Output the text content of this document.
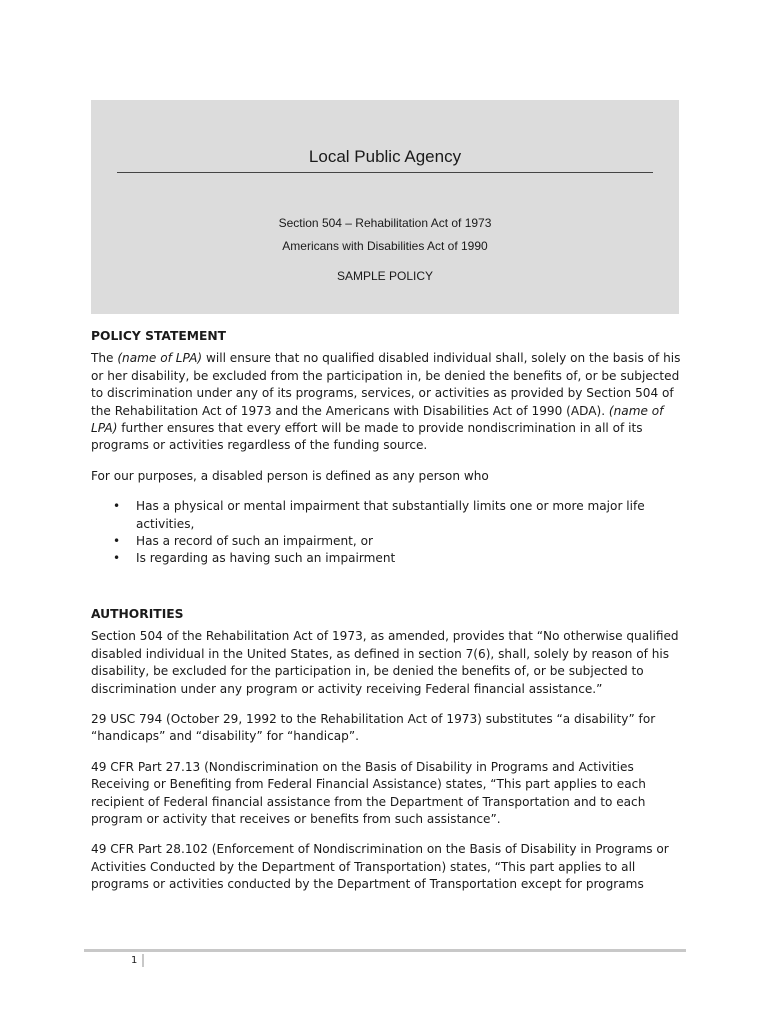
Local Public Agency
Section 504 – Rehabilitation Act of 1973
Americans with Disabilities Act of 1990
SAMPLE POLICY
POLICY STATEMENT

The (name of LPA) will ensure that no qualified disabled individual shall, solely on the basis of his or her disability, be excluded from the participation in, be denied the benefits of, or be subjected to discrimination under any of its programs, services, or activities as provided by Section 504 of the Rehabilitation Act of 1973 and the Americans with Disabilities Act of 1990 (ADA). (name of LPA) further ensures that every effort will be made to provide nondiscrimination in all of its programs or activities regardless of the funding source.

For our purposes, a disabled person is defined as any person who

• Has a physical or mental impairment that substantially limits one or more major life activities,
• Has a record of such an impairment, or
• Is regarding as having such an impairment
AUTHORITIES

Section 504 of the Rehabilitation Act of 1973, as amended, provides that “No otherwise qualified disabled individual in the United States, as defined in section 7(6), shall, solely by reason of his disability, be excluded for the participation in, be denied the benefits of, or be subjected to discrimination under any program or activity receiving Federal financial assistance.”

29 USC 794 (October 29, 1992 to the Rehabilitation Act of 1973) substitutes “a disability” for “handicaps” and “disability” for “handicap”.

49 CFR Part 27.13 (Nondiscrimination on the Basis of Disability in Programs and Activities Receiving or Benefiting from Federal Financial Assistance) states, “This part applies to each recipient of Federal financial assistance from the Department of Transportation and to each program or activity that receives or benefits from such assistance”.

49 CFR Part 28.102 (Enforcement of Nondiscrimination on the Basis of Disability in Programs or Activities Conducted by the Department of Transportation) states, “This part applies to all programs or activities conducted by the Department of Transportation except for programs

1
